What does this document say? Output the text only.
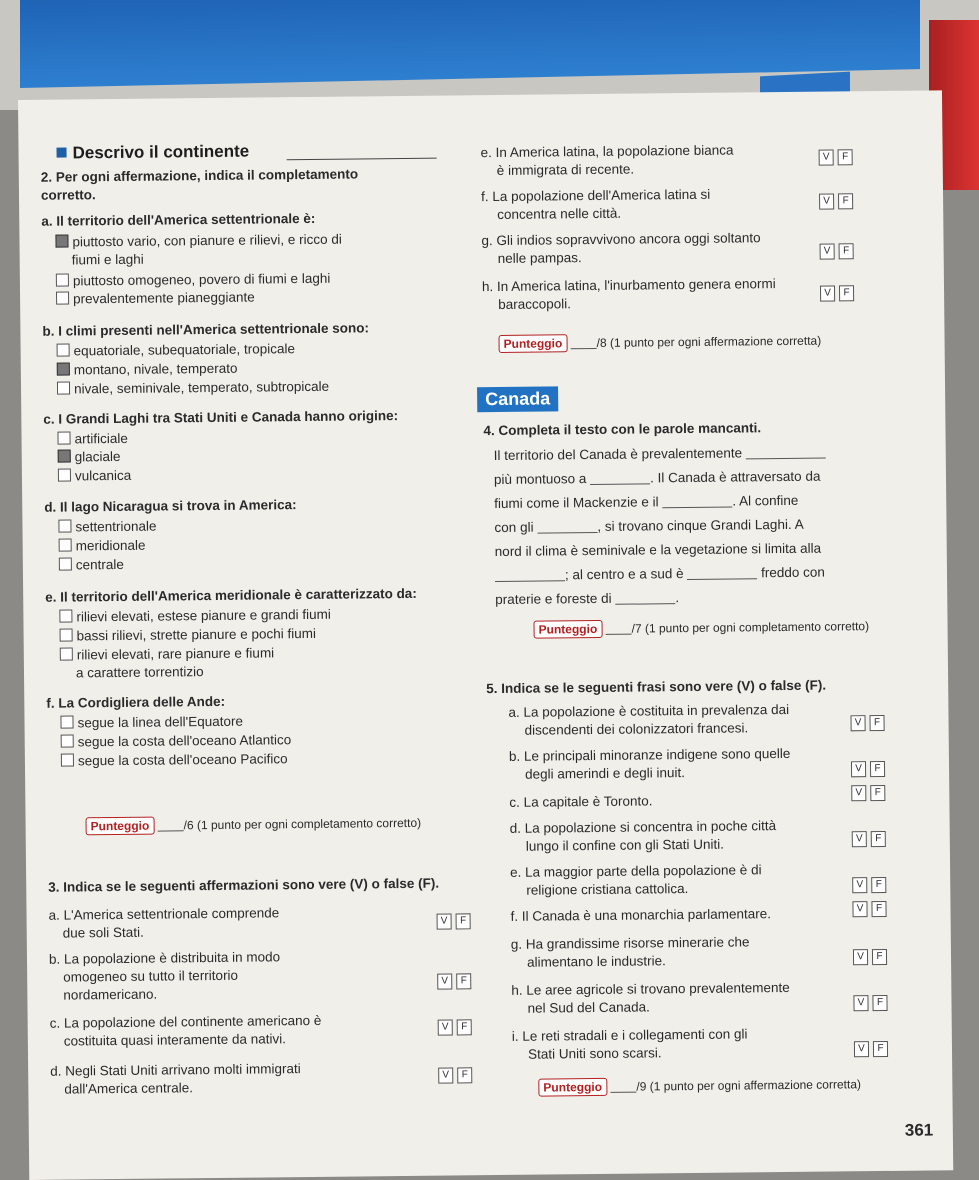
Descrivo il continente
2. Per ogni affermazione, indica il completamento
corretto.
a. Il territorio dell'America settentrionale è:
piuttosto vario, con pianure e rilievi, e ricco di
fiumi e laghi
piuttosto omogeneo, povero di fiumi e laghi
prevalentemente pianeggiante
b. I climi presenti nell'America settentrionale sono:
equatoriale, subequatoriale, tropicale
montano, nivale, temperato
nivale, seminivale, temperato, subtropicale
c. I Grandi Laghi tra Stati Uniti e Canada hanno origine:
artificiale
glaciale
vulcanica
d. Il lago Nicaragua si trova in America:
settentrionale
meridionale
centrale
e. Il territorio dell'America meridionale è caratterizzato da:
rilievi elevati, estese pianure e grandi fiumi
bassi rilievi, strette pianure e pochi fiumi
rilievi elevati, rare pianure e fiumi
a carattere torrentizio
f. La Cordigliera delle Ande:
segue la linea dell'Equatore
segue la costa dell'oceano Atlantico
segue la costa dell'oceano Pacifico
Punteggio	/6 (1 punto per ogni completamento corretto)
3. Indica se le seguenti affermazioni sono vere (V) o false (F).
a. L'America settentrionale comprende
due soli Stati.
V	F
b. La popolazione è distribuita in modo
omogeneo su tutto il territorio
nordamericano.
V	F
c. La popolazione del continente americano è
costituita quasi interamente da nativi.
V	F
d. Negli Stati Uniti arrivano molti immigrati
dall'America centrale.
V	F
e. In America latina, la popolazione bianca
è immigrata di recente.
V	F
f. La popolazione dell'America latina si
concentra nelle città.
V	F
g. Gli indios sopravvivono ancora oggi soltanto
nelle pampas.	V	F
h. In America latina, l'inurbamento genera enormi
baraccopoli.
V	F
Punteggio	/8 (1 punto per ogni affermazione corretta)
Canada
4. Completa il testo con le parole mancanti.
Il territorio del Canada è prevalentemente
più montuoso a	. Il Canada è attraversato da
fiumi come il Mackenzie e il	. Al confine
con gli	, si trovano cinque Grandi Laghi. A
nord il clima è seminivale e la vegetazione si limita alla
; al centro e a sud è	freddo con
praterie e foreste di	.
Punteggio	/7 (1 punto per ogni completamento corretto)
5. Indica se le seguenti frasi sono vere (V) o false (F).
a. La popolazione è costituita in prevalenza dai
discendenti dei colonizzatori francesi.	V	F
b. Le principali minoranze indigene sono quelle
degli amerindi e degli inuit.	V	F
c. La capitale è Toronto.
V	F
d. La popolazione si concentra in poche città
lungo il confine con gli Stati Uniti.	V	F
e. La maggior parte della popolazione è di
religione cristiana cattolica.	V	F
f. Il Canada è una monarchia parlamentare.	V	F
g. Ha grandissime risorse minerarie che
alimentano le industrie.	V	F
h. Le aree agricole si trovano prevalentemente
nel Sud del Canada.	V	F
i. Le reti stradali e i collegamenti con gli
Stati Uniti sono scarsi.	V	F
Punteggio	/9 (1 punto per ogni affermazione corretta)
361
